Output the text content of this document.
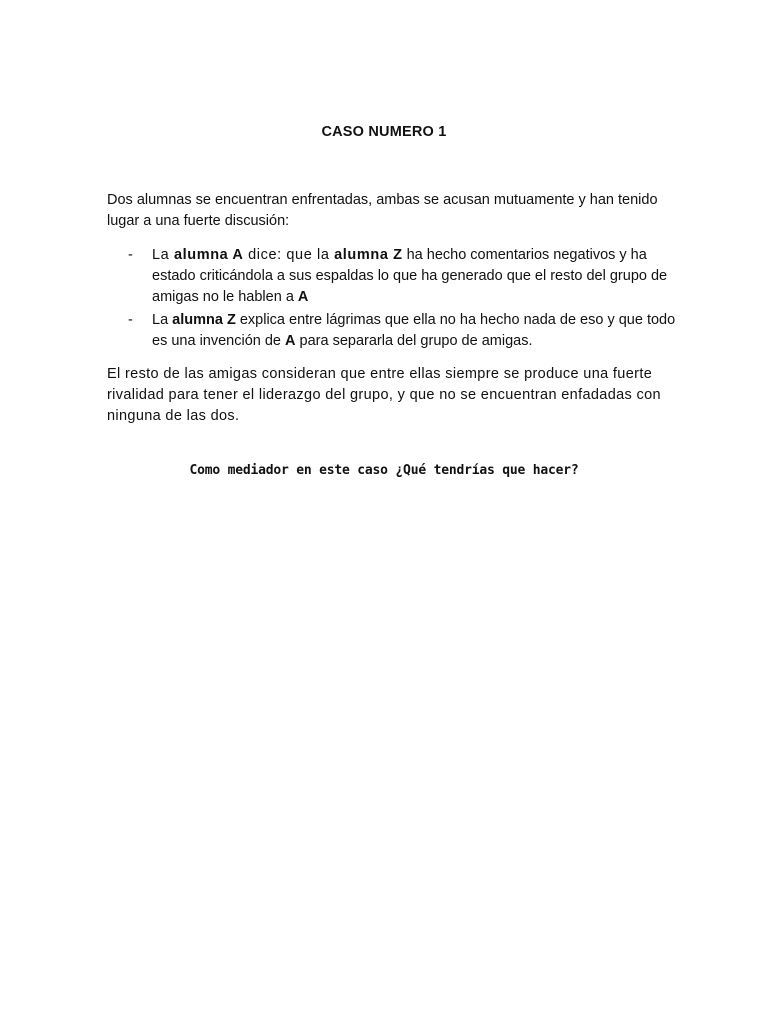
CASO NUMERO 1
Dos alumnas se encuentran enfrentadas, ambas se acusan mutuamente y han tenido lugar a una fuerte discusión:
- La alumna A dice: que la alumna Z ha hecho comentarios negativos y ha estado criticándola a sus espaldas lo que ha generado que el resto del grupo de amigas no le hablen a A
- La alumna Z explica entre lágrimas que ella no ha hecho nada de eso y que todo es una invención de A para separarla del grupo de amigas.
El resto de las amigas consideran que entre ellas siempre se produce una fuerte rivalidad para tener el liderazgo del grupo, y que no se encuentran enfadadas con ninguna de las dos.
Como mediador en este caso ¿Qué tendrías que hacer?
